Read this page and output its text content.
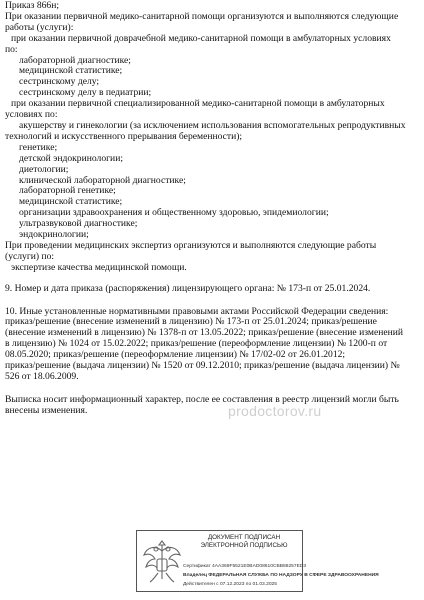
Приказ 866н;

При оказании первичной медико-санитарной помощи организуются и выполняются следующие

работы (услуги):

при оказании первичной доврачебной медико-санитарной помощи в амбулаторных условиях

по:

лабораторной диагностике;

медицинской статистике;

сестринскому делу;

сестринскому делу в педиатрии;

при оказании первичной специализированной медико-санитарной помощи в амбулаторных

условиях по:

акушерству и гинекологии (за исключением использования вспомогательных репродуктивных

технологий и искусственного прерывания беременности);

генетике;

детской эндокринологии;

диетологии;

клинической лабораторной диагностике;

лабораторной генетике;

медицинской статистике;

организации здравоохранения и общественному здоровью, эпидемиологии;

ультразвуковой диагностике;

эндокринологии;

При проведении медицинских экспертиз организуются и выполняются следующие работы

(услуги) по:

экспертизе качества медицинской помощи.

9. Номер и дата приказа (распоряжения) лицензирующего органа: № 173-п от 25.01.2024.

10. Иные установленные нормативными правовыми актами Российской Федерации сведения:

приказ/решение (внесение изменений в лицензию) № 173-п от 25.01.2024; приказ/решение

(внесение изменений в лицензию) № 1378-п от 13.05.2022; приказ/решение (внесение изменений

в лицензию) № 1024 от 15.02.2022; приказ/решение (переоформление лицензии) № 1200-п от

08.05.2020; приказ/решение (переоформление лицензии) № 17/02-02 от 26.01.2012;

приказ/решение (выдача лицензии) № 1520 от 09.12.2010; приказ/решение (выдача лицензии) №

526 от 18.06.2009.

Выписка носит информационный характер, после ее составления в реестр лицензий могли быть

внесены изменения.	prodoctorov.ru
ДОКУМЕНТ ПОДПИСАН ЭЛЕКТРОННОЙ ПОДПИСЬЮ
Сертификат 4AA369F5521E0BAD08610CBB88257ED3
Владелец ФЕДЕРАЛЬНАЯ СЛУЖБА ПО НАДЗОРУ В СФЕРЕ ЗДРАВООХРАНЕНИЯ
Действителен с 07.12.2023 по 01.03.2025
